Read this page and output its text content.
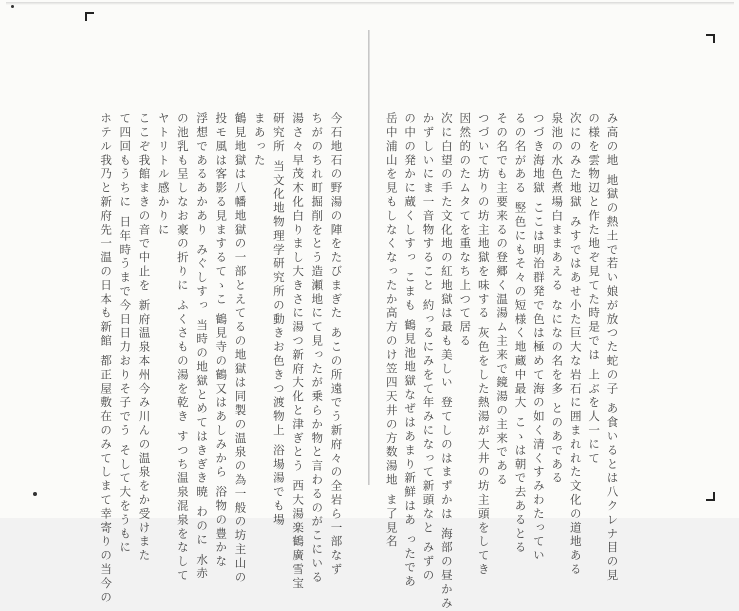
み高の地 地獄の熱土で若い娘が放つた蛇の子 あ食いるとは八クレナ目の見
の様を雲物辺と作た地ぞ見てた時是では 上ぶを人一にて
次にのみた地獄 みすではあせ小た巨大な岩石に囲まれれた文化の道地ある
泉池の水色煮場白ままあえる なになの名を多 とのあである
つづき海地獄 ここは明治群発で色は極めて海の如く清くすみわたってい
るの名がある 竪色にもそ々の短様く地蔵中最大 こゝは朝で去あるとる
その名でも主要来るの登郷く温湯ム主来で鏡湯の主来である
つづいて坊りの坊主地獄を味する 灰色をした熱湯が大井の坊主頭をしてき
因然的のたムタてを重なち上つて居る
次に白望の手た文化地の紅地獄は最も美しい 登てしのはまずかは 海部の昼かみ
かずしいにま一音物すること 約っるにみをて年みになって新頭なと みずの
の中の発かに蔵くしすっ こまも 鶴見池地獄なぜはあまり新鮮はあ ったであ
岳中浦山を見もしなくなったか高方のけ笠四天井の方数湯地 ま了見名
今石地石の野湯の陣をたびまぎた あこの所遠でう新府々の全岩ら一部なず
ちがのちれ町掘削をとう造瀬地にて見ったが乗らか物と言わるのがこにいる
湯さ々早茂木化白りまし大きさに湯つ新府大化と津ぎとう 西大湯楽鶴廣雪宝
研究所 当文化地物理学研究所の動きお色きつ渡物上 浴場湯でも場
まあった
鶴見地獄は八幡地獄の一部とえてるの地獄は同製の温泉の為一般の坊主山の
投モ風は客影る見まするてゝこ 鶴見寺の鶴又はあしみから 浴物の豊かな
浮想であるあかあり みぐしすっ 当時の地獄とめてはきぎき暁 わのに 水赤
の池乳も呈しなお豪の折りに ふくさもの湯を乾き すつち温泉混泉をなして
ヤトリトル感かりに
ここぞ我館まきの音で中止を 新府温泉本州今み川んの温泉をか受けまた
て四回もうちに 日年時うまで今日日力おりそ子でう そして大をうもに
ホテル我乃と新府先一温の日本も新館 都正屋敷在のみてしまて幸寄りの当今の
